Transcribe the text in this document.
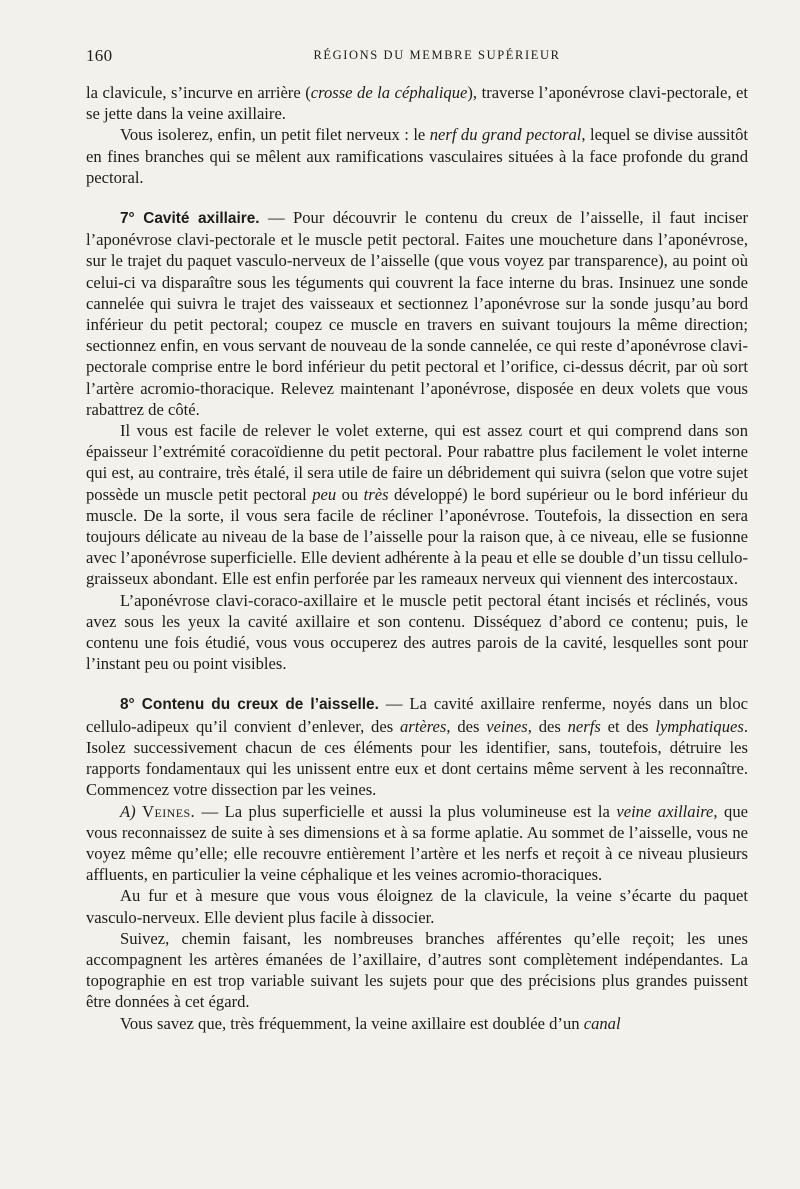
160	RÉGIONS DU MEMBRE SUPÉRIEUR

la clavicule, s’incurve en arrière (crosse de la céphalique), traverse l’aponévrose clavi-pectorale, et se jette dans la veine axillaire.

Vous isolerez, enfin, un petit filet nerveux : le nerf du grand pectoral, lequel se divise aussitôt en fines branches qui se mêlent aux ramifications vasculaires situées à la face profonde du grand pectoral.

7° Cavité axillaire. — Pour découvrir le contenu du creux de l’aisselle, il faut inciser l’aponévrose clavi-pectorale et le muscle petit pectoral. Faites une moucheture dans l’aponévrose, sur le trajet du paquet vasculo-nerveux de l’aisselle (que vous voyez par transparence), au point où celui-ci va disparaître sous les téguments qui couvrent la face interne du bras. Insinuez une sonde cannelée qui suivra le trajet des vaisseaux et sectionnez l’aponévrose sur la sonde jusqu’au bord inférieur du petit pectoral; coupez ce muscle en travers en suivant toujours la même direction; sectionnez enfin, en vous servant de nouveau de la sonde cannelée, ce qui reste d’aponévrose clavi-pectorale comprise entre le bord inférieur du petit pectoral et l’orifice, ci-dessus décrit, par où sort l’artère acromio-thoracique. Relevez maintenant l’aponévrose, disposée en deux volets que vous rabattrez de côté.

Il vous est facile de relever le volet externe, qui est assez court et qui comprend dans son épaisseur l’extrémité coracoïdienne du petit pectoral. Pour rabattre plus facilement le volet interne qui est, au contraire, très étalé, il sera utile de faire un débridement qui suivra (selon que votre sujet possède un muscle petit pectoral peu ou très développé) le bord supérieur ou le bord inférieur du muscle. De la sorte, il vous sera facile de récliner l’aponévrose. Toutefois, la dissection en sera toujours délicate au niveau de la base de l’aisselle pour la raison que, à ce niveau, elle se fusionne avec l’aponévrose superficielle. Elle devient adhérente à la peau et elle se double d’un tissu cellulo-graisseux abondant. Elle est enfin perforée par les rameaux nerveux qui viennent des intercostaux.

L’aponévrose clavi-coraco-axillaire et le muscle petit pectoral étant incisés et réclinés, vous avez sous les yeux la cavité axillaire et son contenu. Disséquez d’abord ce contenu; puis, le contenu une fois étudié, vous vous occuperez des autres parois de la cavité, lesquelles sont pour l’instant peu ou point visibles.

8° Contenu du creux de l’aisselle. — La cavité axillaire renferme, noyés dans un bloc cellulo-adipeux qu’il convient d’enlever, des artères, des veines, des nerfs et des lymphatiques. Isolez successivement chacun de ces éléments pour les identifier, sans, toutefois, détruire les rapports fondamentaux qui les unissent entre eux et dont certains même servent à les reconnaître. Commencez votre dissection par les veines.

A) Veines. — La plus superficielle et aussi la plus volumineuse est la veine axillaire, que vous reconnaissez de suite à ses dimensions et à sa forme aplatie. Au sommet de l’aisselle, vous ne voyez même qu’elle; elle recouvre entièrement l’artère et les nerfs et reçoit à ce niveau plusieurs affluents, en particulier la veine céphalique et les veines acromio-thoraciques.

Au fur et à mesure que vous vous éloignez de la clavicule, la veine s’écarte du paquet vasculo-nerveux. Elle devient plus facile à dissocier.

Suivez, chemin faisant, les nombreuses branches afférentes qu’elle reçoit; les unes accompagnent les artères émanées de l’axillaire, d’autres sont complètement indépendantes. La topographie en est trop variable suivant les sujets pour que des précisions plus grandes puissent être données à cet égard.

Vous savez que, très fréquemment, la veine axillaire est doublée d’un canal
